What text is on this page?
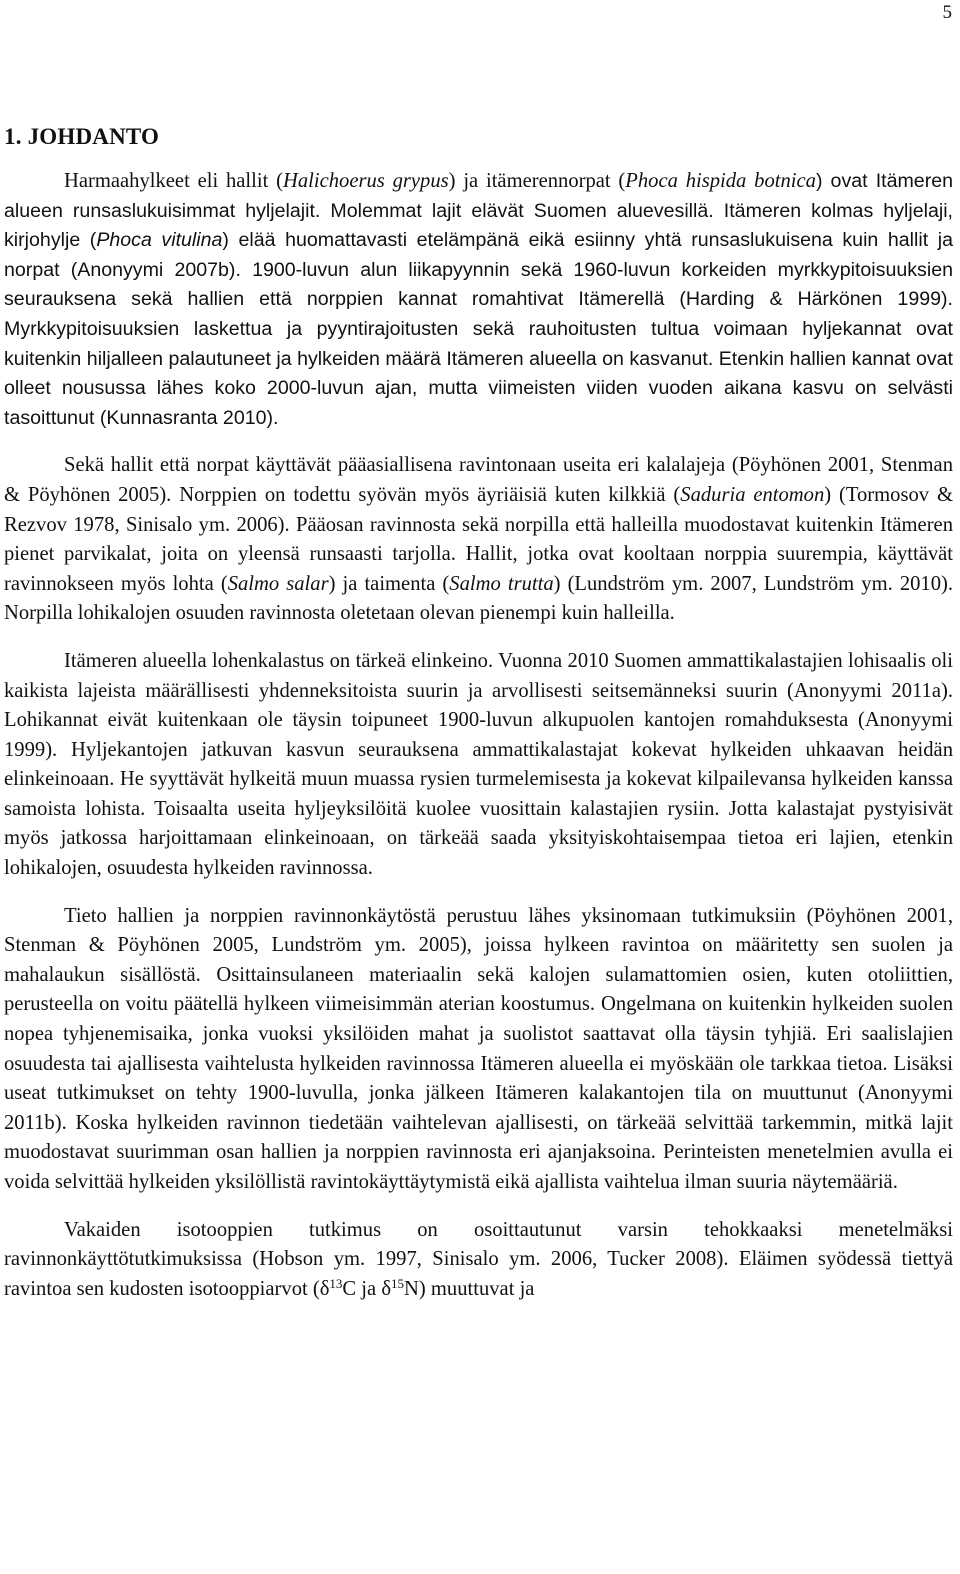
5
1. JOHDANTO

Harmaahylkeet eli hallit (Halichoerus grypus) ja itämerennorpat (Phoca hispida botnica) ovat Itämeren alueen runsaslukuisimmat hyljelajit. Molemmat lajit elävät Suomen aluevesillä. Itämeren kolmas hyljelaji, kirjohylje (Phoca vitulina) elää huomattavasti etelämpänä eikä esiinny yhtä runsaslukuisena kuin hallit ja norpat (Anonyymi 2007b). 1900-luvun alun liikapyynnin sekä 1960-luvun korkeiden myrkkypitoisuuksien seurauksena sekä hallien että norppien kannat romahtivat Itämerellä (Harding & Härkönen 1999). Myrkkypitoisuuksien laskettua ja pyyntirajoitusten sekä rauhoitusten tultua voimaan hyljekannat ovat kuitenkin hiljalleen palautuneet ja hylkeiden määrä Itämeren alueella on kasvanut. Etenkin hallien kannat ovat olleet nousussa lähes koko 2000-luvun ajan, mutta viimeisten viiden vuoden aikana kasvu on selvästi tasoittunut (Kunnasranta 2010).

Sekä hallit että norpat käyttävät pääasiallisena ravintonaan useita eri kalalajeja (Pöyhönen 2001, Stenman & Pöyhönen 2005). Norppien on todettu syövän myös äyriäisiä kuten kilkkiä (Saduria entomon) (Tormosov & Rezvov 1978, Sinisalo ym. 2006). Pääosan ravinnosta sekä norpilla että halleilla muodostavat kuitenkin Itämeren pienet parvikalat, joita on yleensä runsaasti tarjolla. Hallit, jotka ovat kooltaan norppia suurempia, käyttävät ravinnokseen myös lohta (Salmo salar) ja taimenta (Salmo trutta) (Lundström ym. 2007, Lundström ym. 2010). Norpilla lohikalojen osuuden ravinnosta oletetaan olevan pienempi kuin halleilla.

Itämeren alueella lohenkalastus on tärkeä elinkeino. Vuonna 2010 Suomen ammattikalastajien lohisaalis oli kaikista lajeista määrällisesti yhdenneksitoista suurin ja arvollisesti seitsemänneksi suurin (Anonyymi 2011a). Lohikannat eivät kuitenkaan ole täysin toipuneet 1900-luvun alkupuolen kantojen romahduksesta (Anonyymi 1999). Hyljekantojen jatkuvan kasvun seurauksena ammattikalastajat kokevat hylkeiden uhkaavan heidän elinkeinoaan. He syyttävät hylkeitä muun muassa rysien turmelemisesta ja kokevat kilpailevansa hylkeiden kanssa samoista lohista. Toisaalta useita hyljeyksilöitä kuolee vuosittain kalastajien rysiin. Jotta kalastajat pystyisivät myös jatkossa harjoittamaan elinkeinoaan, on tärkeää saada yksityiskohtaisempaa tietoa eri lajien, etenkin lohikalojen, osuudesta hylkeiden ravinnossa.

Tieto hallien ja norppien ravinnonkäytöstä perustuu lähes yksinomaan tutkimuksiin (Pöyhönen 2001, Stenman & Pöyhönen 2005, Lundström ym. 2005), joissa hylkeen ravintoa on määritetty sen suolen ja mahalaukun sisällöstä. Osittainsulaneen materiaalin sekä kalojen sulamattomien osien, kuten otoliittien, perusteella on voitu päätellä hylkeen viimeisimmän aterian koostumus. Ongelmana on kuitenkin hylkeiden suolen nopea tyhjenemisaika, jonka vuoksi yksilöiden mahat ja suolistot saattavat olla täysin tyhjiä. Eri saalislajien osuudesta tai ajallisesta vaihtelusta hylkeiden ravinnossa Itämeren alueella ei myöskään ole tarkkaa tietoa. Lisäksi useat tutkimukset on tehty 1900-luvulla, jonka jälkeen Itämeren kalakantojen tila on muuttunut (Anonyymi 2011b). Koska hylkeiden ravinnon tiedetään vaihtelevan ajallisesti, on tärkeää selvittää tarkemmin, mitkä lajit muodostavat suurimman osan hallien ja norppien ravinnosta eri ajanjaksoina. Perinteisten menetelmien avulla ei voida selvittää hylkeiden yksilöllistä ravintokäyttäytymistä eikä ajallista vaihtelua ilman suuria näytemääriä.

Vakaiden isotooppien tutkimus on osoittautunut varsin tehokkaaksi menetelmäksi ravinnonkäyttötutkimuksissa (Hobson ym. 1997, Sinisalo ym. 2006, Tucker 2008). Eläimen syödessä tiettyä ravintoa sen kudosten isotooppiarvot ($\delta^{13}C$ ja $\delta^{15}N$) muuttuvat ja
